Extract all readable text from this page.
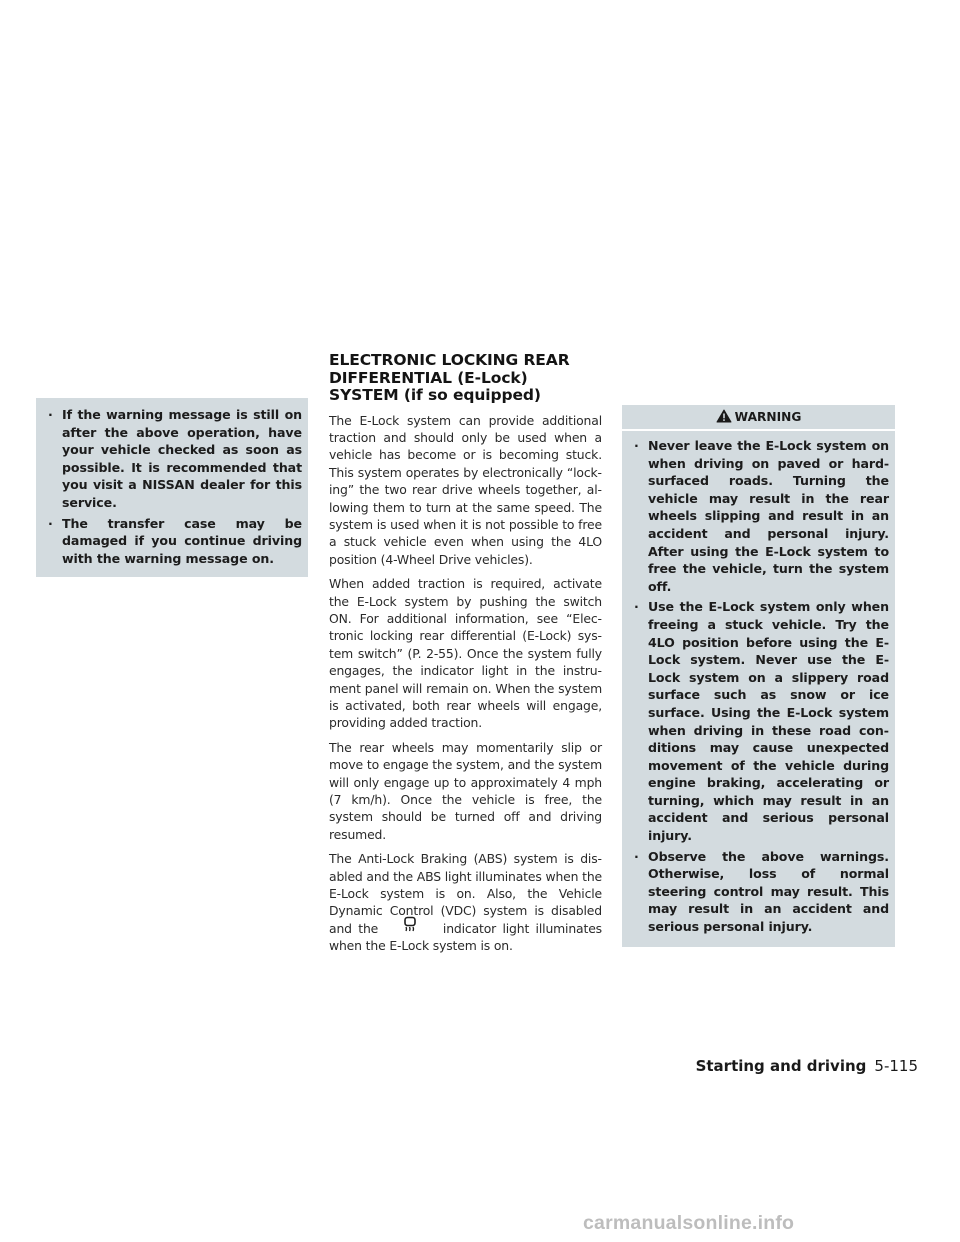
· If the warning message is still on after the above operation, have your vehicle checked as soon as possible. It is recommended that you visit a NISSAN dealer for this service.
· The transfer case may be damaged if you continue driving with the warning message on.
ELECTRONIC LOCKING REAR DIFFERENTIAL (E-Lock) SYSTEM (if so equipped)

The E-Lock system can provide additional traction and should only be used when a vehicle has become or is becoming stuck. This system operates by electronically “locking” the two rear drive wheels together, allowing them to turn at the same speed. The system is used when it is not possible to free a stuck vehicle even when using the 4LO position (4-Wheel Drive vehicles).

When added traction is required, activate the E-Lock system by pushing the switch ON. For additional information, see “Electronic locking rear differential (E-Lock) system switch” (P. 2-55). Once the system fully engages, the indicator light in the instrument panel will remain on. When the system is activated, both rear wheels will engage, providing added traction.

The rear wheels may momentarily slip or move to engage the system, and the system will only engage up to approximately 4 mph (7 km/h). Once the vehicle is free, the system should be turned off and driving resumed.

The Anti-Lock Braking (ABS) system is disabled and the ABS light illuminates when the E-Lock system is on. Also, the Vehicle Dynamic Control (VDC) system is disabled and the	indicator light illuminates when the E-Lock system is on.

WARNING
· Never leave the E-Lock system on when driving on paved or hard-surfaced roads. Turning the vehicle may result in the rear wheels slipping and result in an accident and personal injury. After using the E-Lock system to free the vehicle, turn the system off.
· Use the E-Lock system only when freeing a stuck vehicle. Try the 4LO position before using the E-Lock system. Never use the E-Lock system on a slippery road surface such as snow or ice surface. Using the E-Lock system when driving in these road conditions may cause unexpected movement of the vehicle during engine braking, accelerating or turning, which may result in an accident and serious personal injury.
· Observe the above warnings. Otherwise, loss of normal steering control may result. This may result in an accident and serious personal injury.
Starting and driving 5-115
carmanualsonline.info
